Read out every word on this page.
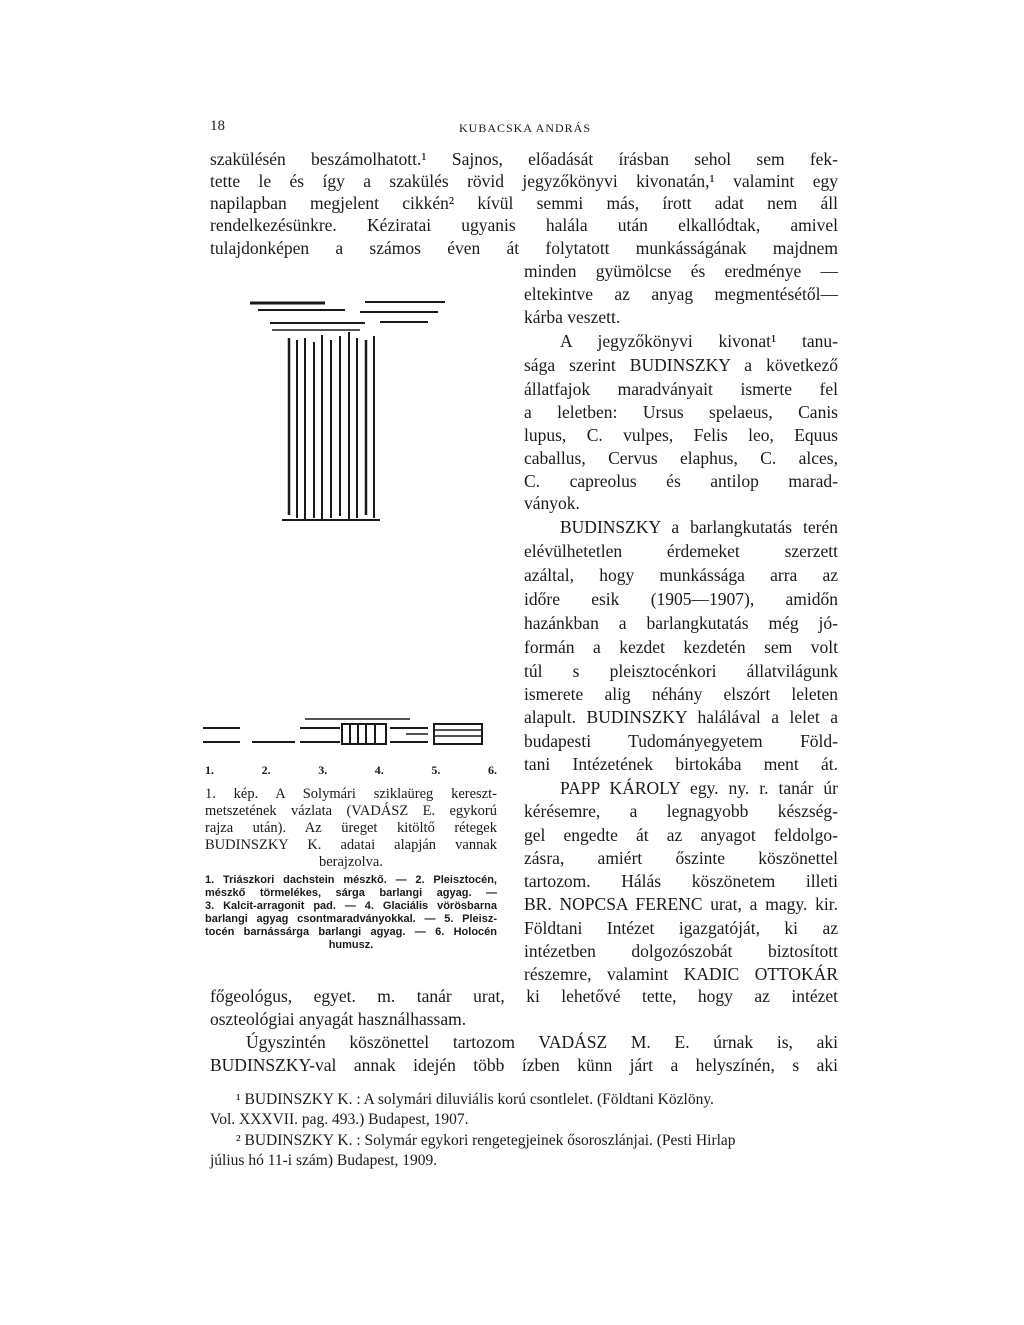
18	KUBACSKA ANDRÁS
szakülésén beszámolhatott.¹ Sajnos, előadását írásban sehol sem fek-
tette le és így a szakülés rövid jegyzőkönyvi kivonatán,¹ valamint egy
napilapban megjelent cikkén² kívül semmi más, írott adat nem áll
rendelkezésünkre. Kéziratai ugyanis halála után elkallódtak, amivel
tulajdonképen a számos éven át folytatott munkásságának majdnem
minden gyümölcse és eredménye —
eltekintve az anyag megmentésétől—
kárba veszett.
A jegyzőkönyvi kivonat¹ tanu-
sága szerint BUDINSZKY a következő
állatfajok maradványait ismerte fel
a leletben: Ursus spelaeus, Canis
lupus, C. vulpes, Felis leo, Equus
caballus, Cervus elaphus, C. alces,
C. capreolus és antilop marad-
ványok.
BUDINSZKY a barlangkutatás terén
elévülhetetlen érdemeket szerzett
azáltal, hogy munkássága arra az
időre esik (1905—1907), amidőn
hazánkban a barlangkutatás még jó-
formán a kezdet kezdetén sem volt
túl s pleisztocénkori állatvilágunk
ismerete alig néhány elszórt leleten
alapult. BUDINSZKY halálával a lelet a
budapesti Tudományegyetem Föld-
tani Intézetének birtokába ment át.
PAPP KÁROLY egy. ny. r. tanár úr
kérésemre, a legnagyobb készség-
gel engedte át az anyagot feldolgo-
zásra, amiért őszinte köszönettel
tartozom. Hálás köszönetem illeti
BR. NOPCSA FERENC urat, a magy. kir.
Földtani Intézet igazgatóját, ki az
intézetben dolgozószobát biztosított
részemre, valamint KADIC OTTOKÁR
1.	2.	3.	4.	5.	6.
1. kép. A Solymári sziklaüreg kereszt-
metszetének vázlata (VADÁSZ E. egykorú
rajza után). Az üreget kitöltő rétegek
BUDINSZKY K. adatai alapján vannak
berajzolva.
1. Triászkori dachstein mészkő. — 2. Pleisztocén,
mészkő törmelékes, sárga barlangi agyag. —
3. Kalcit-arragonit pad. — 4. Glaciális vörösbarna
barlangi agyag csontmaradványokkal. — 5. Pleisz-
tocén barnássárga barlangi agyag. — 6. Holocén
humusz.
főgeológus, egyet. m. tanár urat, ki lehetővé tette, hogy az intézet
oszteológiai anyagát használhassam.
Úgyszintén köszönettel tartozom VADÁSZ M. E. úrnak is, aki
BUDINSZKY-val annak idején több ízben künn járt a helyszínén, s aki
¹ BUDINSZKY K. : A solymári diluviális korú csontlelet. (Földtani Közlöny.
Vol. XXXVII. pag. 493.) Budapest, 1907.
² BUDINSZKY K. : Solymár egykori rengetegjeinek ősoroszlánjai. (Pesti Hirlap
július hó 11-i szám) Budapest, 1909.
